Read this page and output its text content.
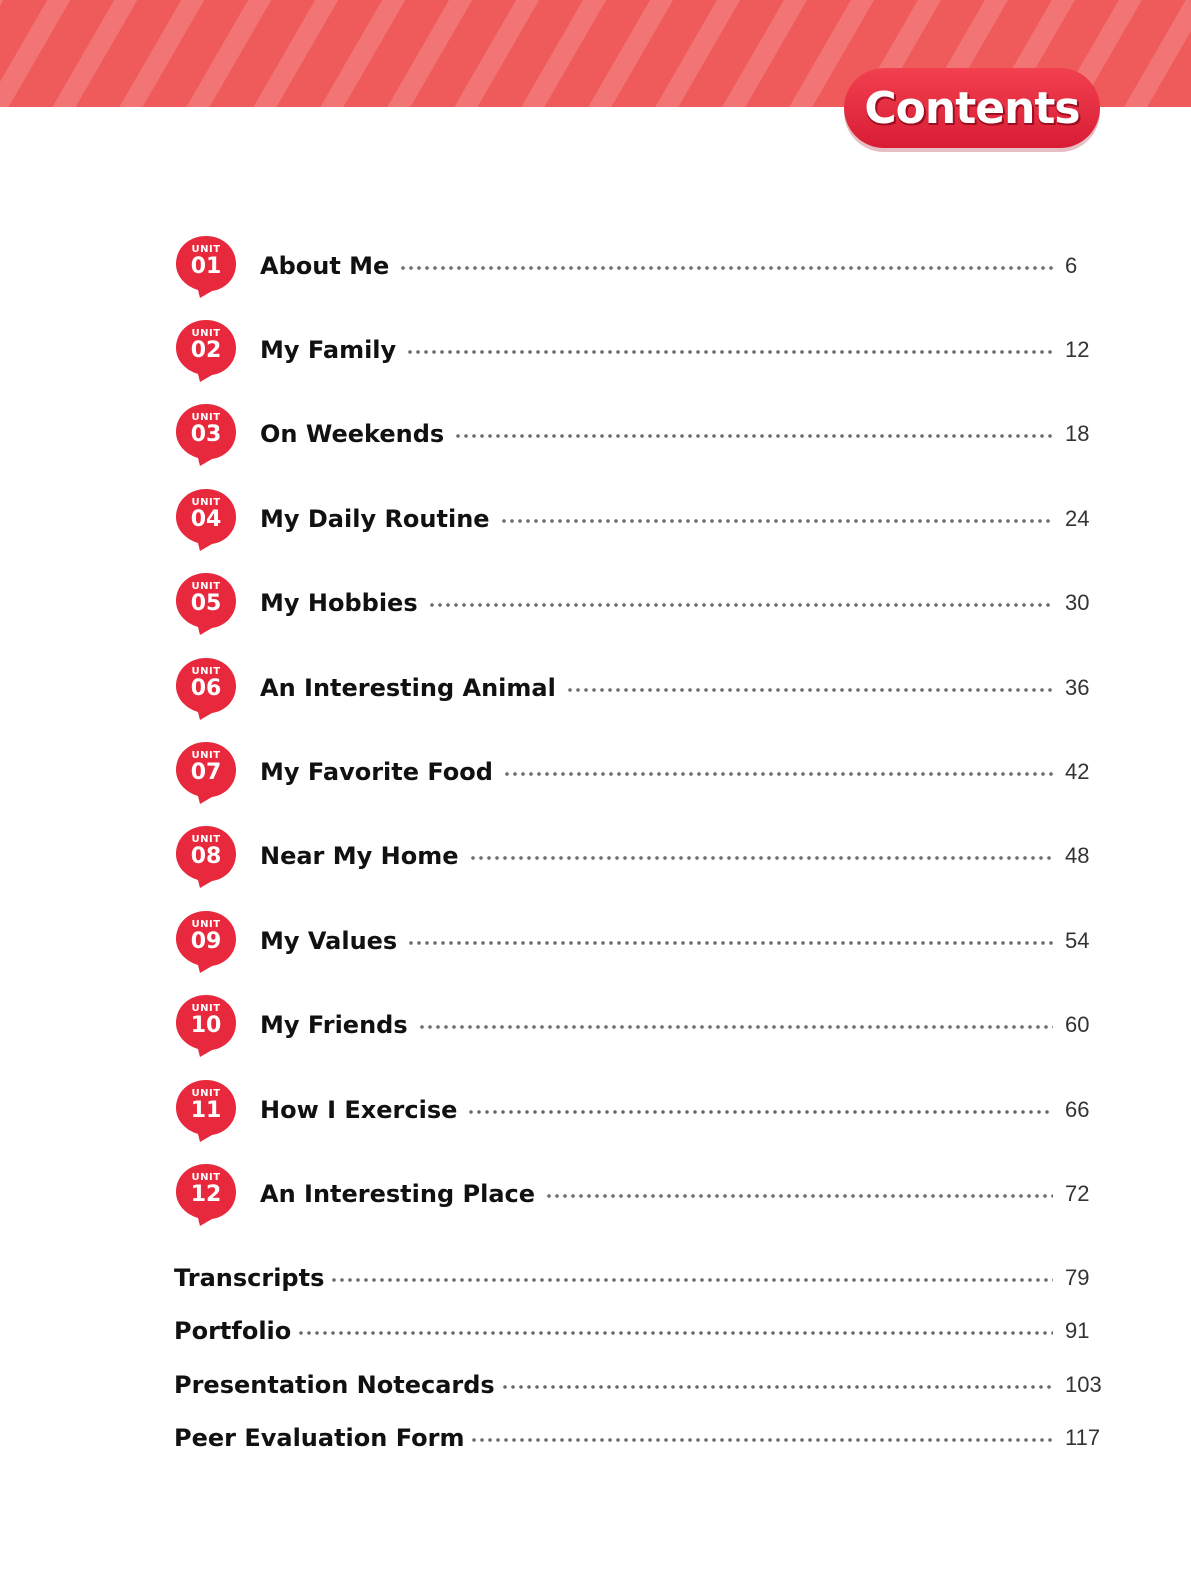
Contents
UNIT
01	About Me	6
UNIT
02	My Family	12
UNIT
03	On Weekends	18
UNIT
04	My Daily Routine	24
UNIT
05	My Hobbies	30
UNIT
06	An Interesting Animal	36
UNIT
07	My Favorite Food	42
UNIT
08	Near My Home	48
UNIT
09	My Values	54
UNIT
10	My Friends	60
UNIT
11	How I Exercise	66
UNIT
12	An Interesting Place	72
Transcripts	79
Portfolio	91
Presentation Notecards	103
Peer Evaluation Form	117
